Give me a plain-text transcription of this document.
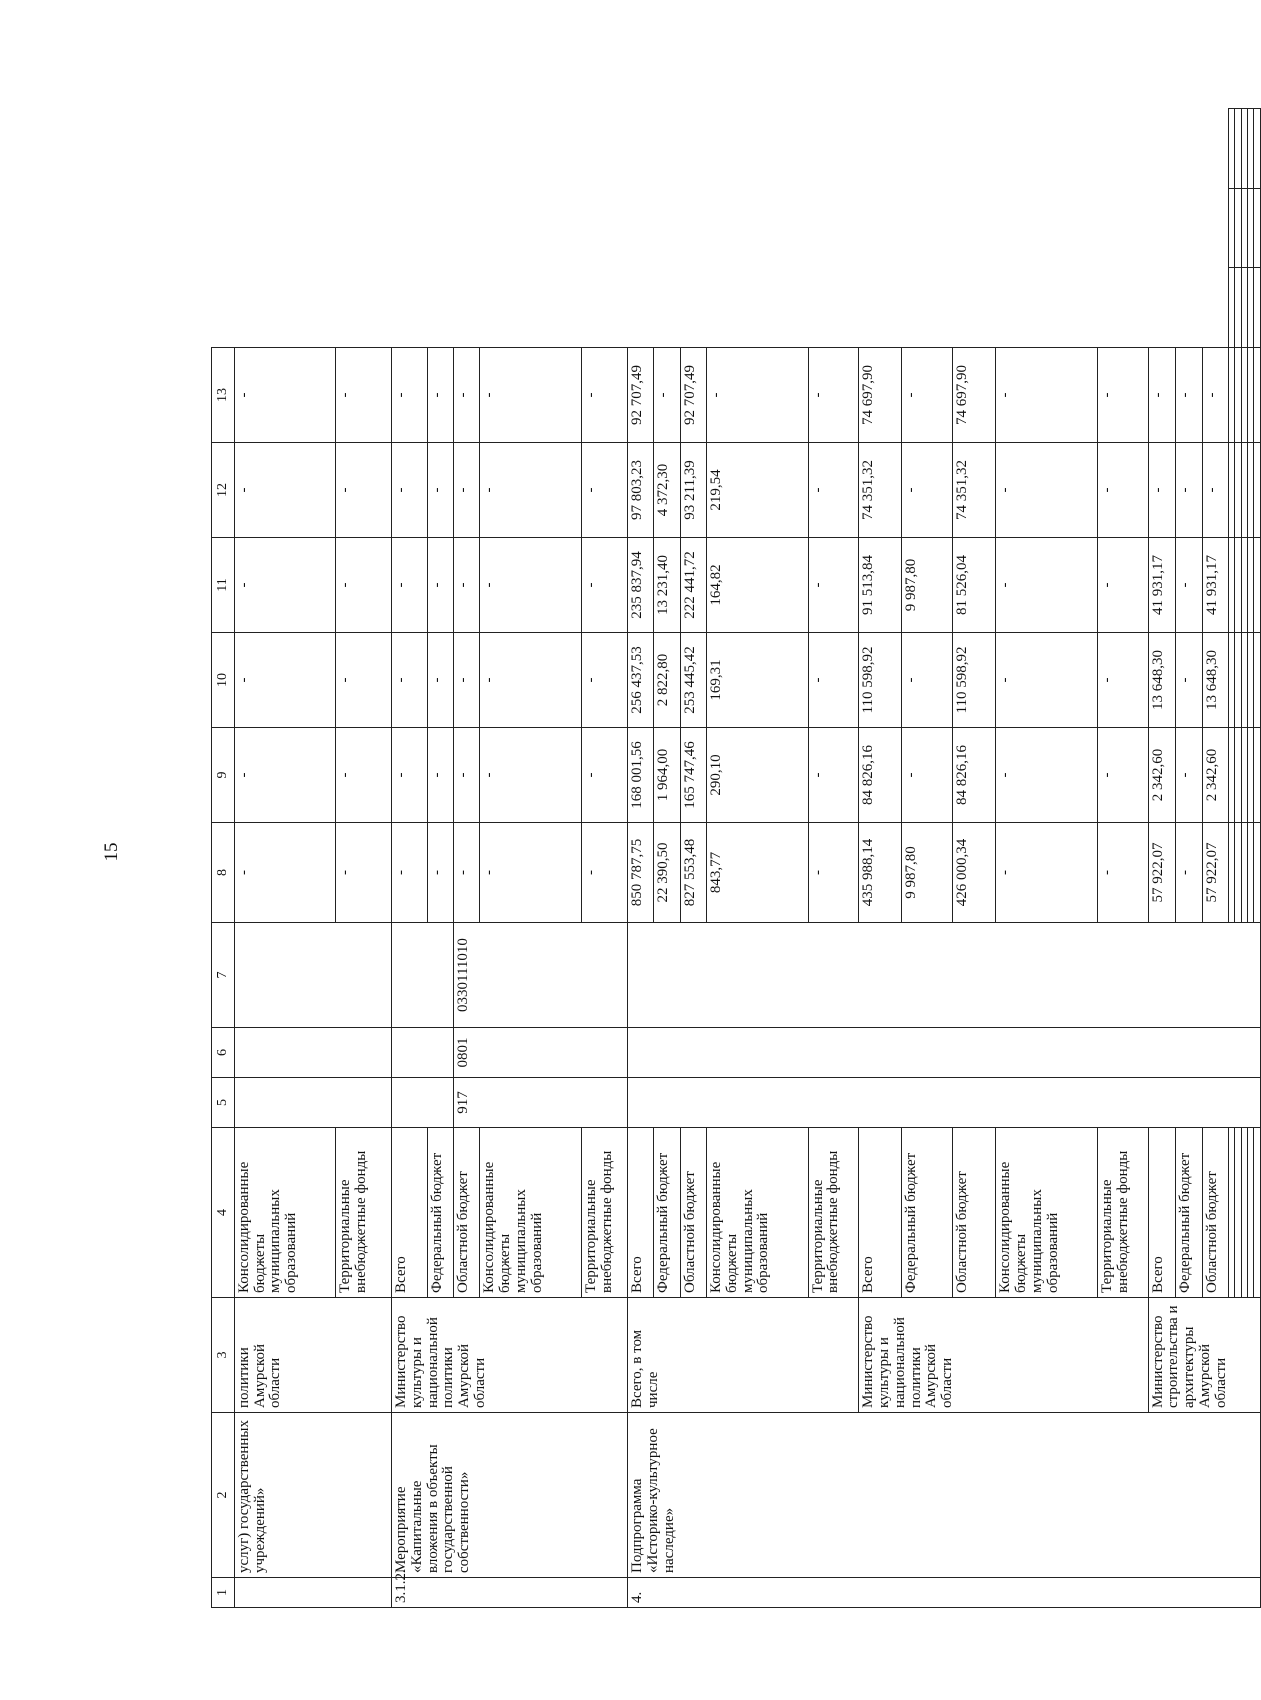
15
1	2	3	4	5	6	7	8	9	10	11	12	13			
	услуг) государственных учреждений»	политики Амурской области	Консолидированные бюджеты муниципальных образований				-	-	-	-	-	-			
			Территориальные внебюджетные фонды				-	-	-	-	-	-			
3.1.2.	Мероприятие «Капитальные вложения в объекты государственной собственности»	Министерство культуры и национальной политики Амурской области	Всего				-	-	-	-	-	-			
			Федеральный бюджет				-	-	-	-	-	-			
			Областной бюджет	917	0801	0330111010	-	-	-	-	-	-			
			Консолидированные бюджеты муниципальных образований				-	-	-	-	-	-			
			Территориальные внебюджетные фонды				-	-	-	-	-	-			
4.	Подпрограмма «Историко-культурное наследие»	Всего, в том числе	Всего				850 787,75	168 001,56	256 437,53	235 837,94	97 803,23	92 707,49			
			Федеральный бюджет				22 390,50	1 964,00	2 822,80	13 231,40	4 372,30	-			
			Областной бюджет				827 553,48	165 747,46	253 445,42	222 441,72	93 211,39	92 707,49			
			Консолидированные бюджеты муниципальных образований				843,77	290,10	169,31	164,82	219,54	-			
			Территориальные внебюджетные фонды				-	-	-	-	-	-			
		Министерство культуры и национальной политики Амурской области	Всего				435 988,14	84 826,16	110 598,92	91 513,84	74 351,32	74 697,90			
			Федеральный бюджет				9 987,80	-	-	9 987,80	-	-			
			Областной бюджет				426 000,34	84 826,16	110 598,92	81 526,04	74 351,32	74 697,90			
			Консолидированные бюджеты муниципальных образований				-	-	-	-	-	-			
			Территориальные внебюджетные фонды				-	-	-	-	-	-			
		Министерство строительства и архитектуры Амурской области	Всего				57 922,07	2 342,60	13 648,30	41 931,17	-	-			
			Федеральный бюджет				-	-	-	-	-	-			
			Областной бюджет				57 922,07	2 342,60	13 648,30	41 931,17	-	-			
